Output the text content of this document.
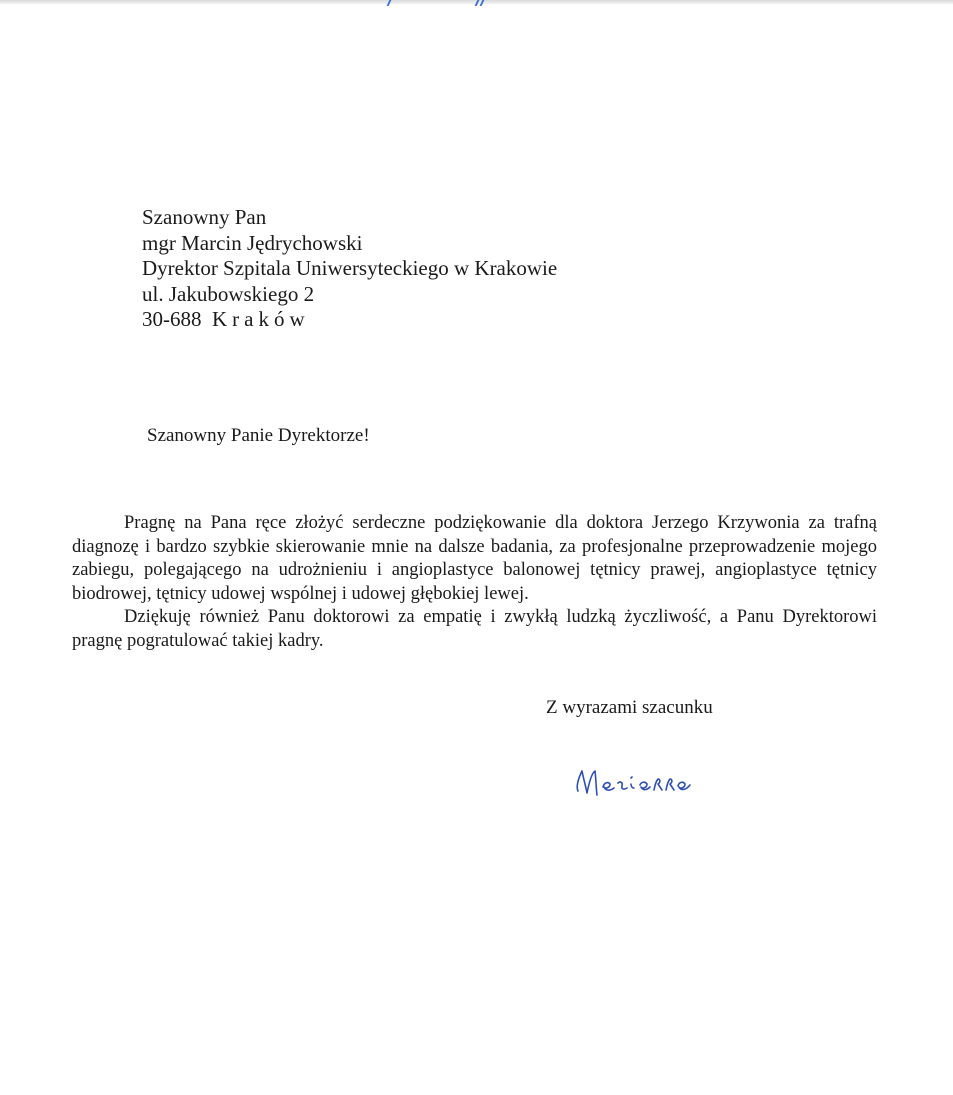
Szanowny Pan
mgr Marcin Jędrychowski
Dyrektor Szpitala Uniwersyteckiego w Krakowie
ul. Jakubowskiego 2
30-688 Kraków
Szanowny Panie Dyrektorze!

Pragnę na Pana ręce złożyć serdeczne podziękowanie dla doktora Jerzego Krzywonia za trafną diagnozę i bardzo szybkie skierowanie mnie na dalsze badania, za profesjonalne przeprowadzenie mojego zabiegu, polegającego na udrożnieniu i angioplastyce balonowej tętnicy prawej, angioplastyce tętnicy biodrowej, tętnicy udowej wspólnej i udowej głębokiej lewej.

Dziękuję również Panu doktorowi za empatię i zwykłą ludzką życzliwość, a Panu Dyrektorowi pragnę pogratulować takiej kadry.

Z wyrazami szacunku
